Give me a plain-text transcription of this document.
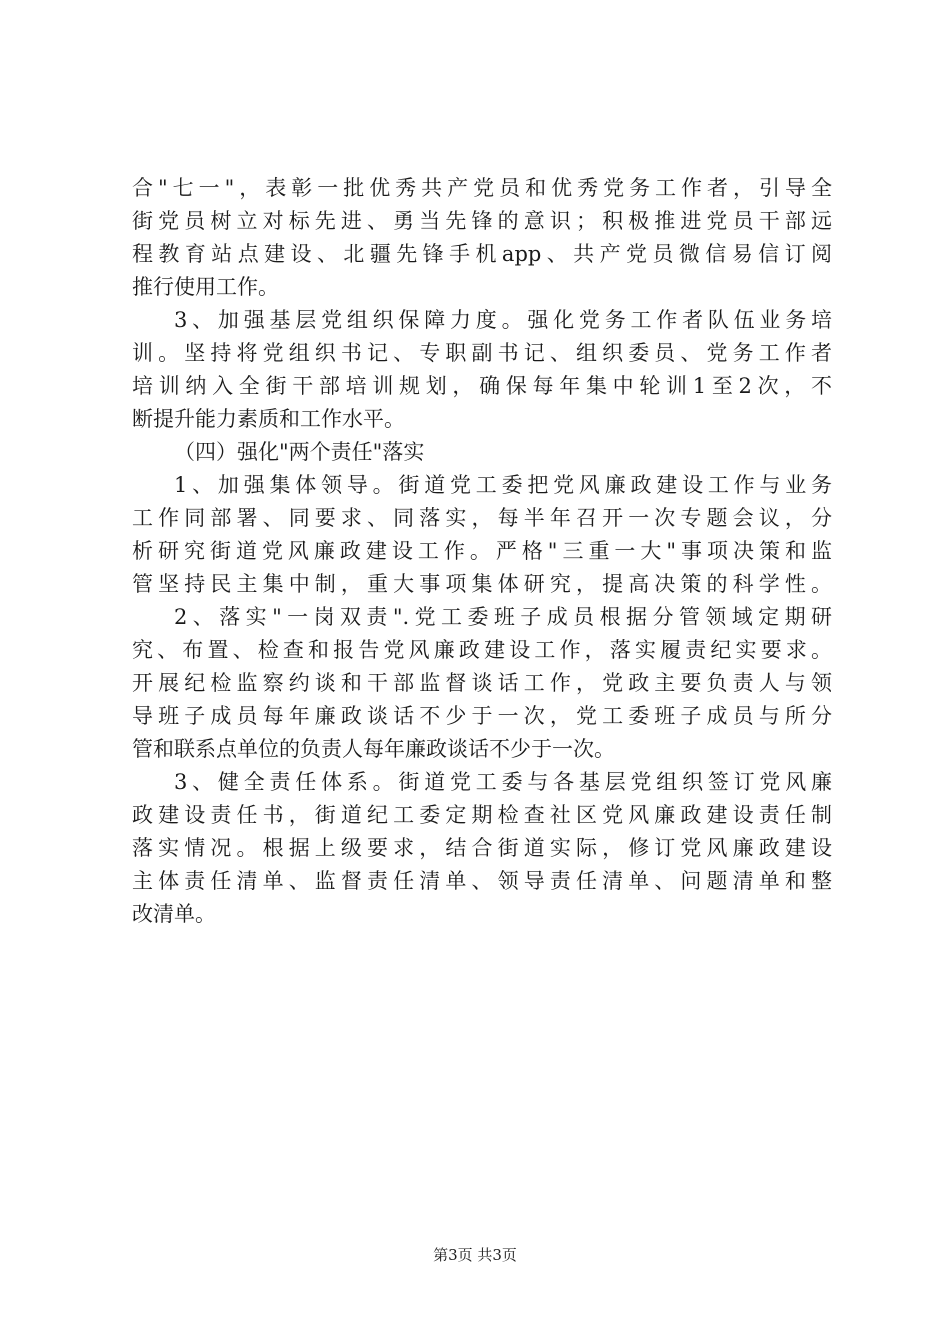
合"七一"，表彰一批优秀共产党员和优秀党务工作者，引导全
街党员树立对标先进、勇当先锋的意识；积极推进党员干部远
程教育站点建设、北疆先锋手机app、共产党员微信易信订阅
推行使用工作。
3、加强基层党组织保障力度。强化党务工作者队伍业务培
训。坚持将党组织书记、专职副书记、组织委员、党务工作者
培训纳入全街干部培训规划，确保每年集中轮训1至2次，不
断提升能力素质和工作水平。
（四）强化"两个责任"落实
1、加强集体领导。街道党工委把党风廉政建设工作与业务
工作同部署、同要求、同落实，每半年召开一次专题会议，分
析研究街道党风廉政建设工作。严格"三重一大"事项决策和监
管坚持民主集中制，重大事项集体研究，提高决策的科学性。
2、落实"一岗双责".党工委班子成员根据分管领域定期研
究、布置、检查和报告党风廉政建设工作，落实履责纪实要求。
开展纪检监察约谈和干部监督谈话工作，党政主要负责人与领
导班子成员每年廉政谈话不少于一次，党工委班子成员与所分
管和联系点单位的负责人每年廉政谈话不少于一次。
3、健全责任体系。街道党工委与各基层党组织签订党风廉
政建设责任书，街道纪工委定期检查社区党风廉政建设责任制
落实情况。根据上级要求，结合街道实际，修订党风廉政建设
主体责任清单、监督责任清单、领导责任清单、问题清单和整
改清单。
第3页 共3页
